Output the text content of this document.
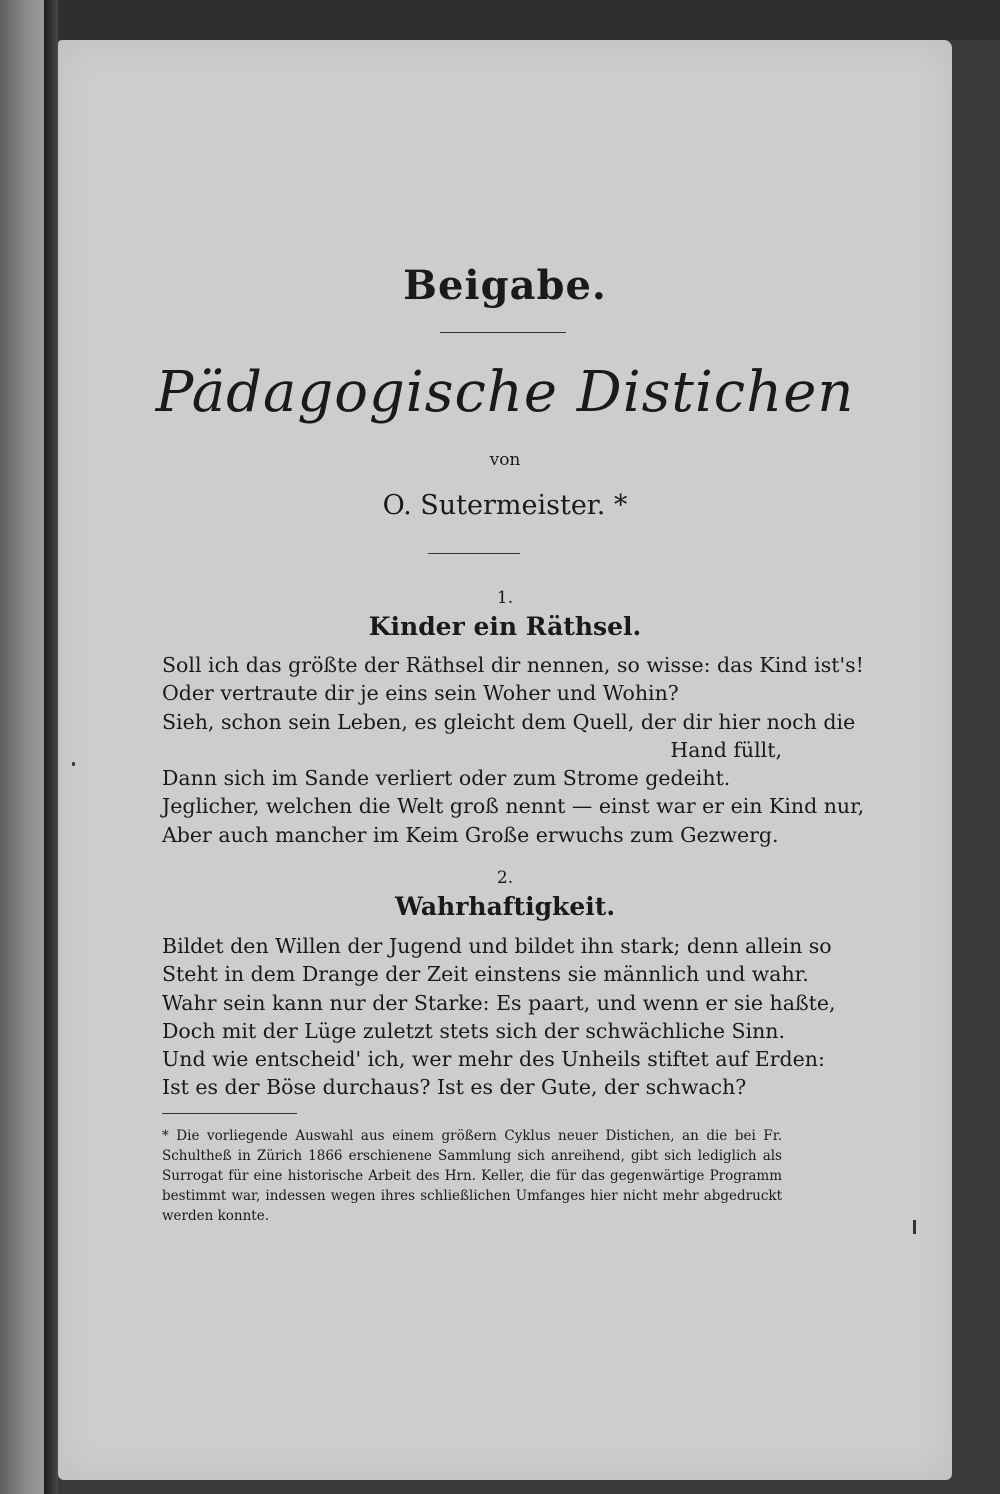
Beigabe.
Pädagogische Distichen
von
O. Sutermeister. *
1.
Kinder ein Räthsel.
Soll ich das größte der Räthsel dir nennen, so wisse: das Kind ist's!
Oder vertraute dir je eins sein Woher und Wohin?
Sieh, schon sein Leben, es gleicht dem Quell, der dir hier noch die
Hand füllt,
Dann sich im Sande verliert oder zum Strome gedeiht.
Jeglicher, welchen die Welt groß nennt — einst war er ein Kind nur,
Aber auch mancher im Keim Große erwuchs zum Gezwerg.
2.
Wahrhaftigkeit.
Bildet den Willen der Jugend und bildet ihn stark; denn allein so
Steht in dem Drange der Zeit einstens sie männlich und wahr.
Wahr sein kann nur der Starke: Es paart, und wenn er sie haßte,
Doch mit der Lüge zuletzt stets sich der schwächliche Sinn.
Und wie entscheid' ich, wer mehr des Unheils stiftet auf Erden:
Ist es der Böse durchaus? Ist es der Gute, der schwach?
* Die vorliegende Auswahl aus einem größern Cyklus neuer Distichen, an die bei Fr. Schultheß in Zürich 1866 erschienene Sammlung sich anreihend, gibt sich lediglich als Surrogat für eine historische Arbeit des Hrn. Keller, die für das gegenwärtige Programm bestimmt war, indessen wegen ihres schließlichen Umfanges hier nicht mehr abgedruckt werden konnte.
